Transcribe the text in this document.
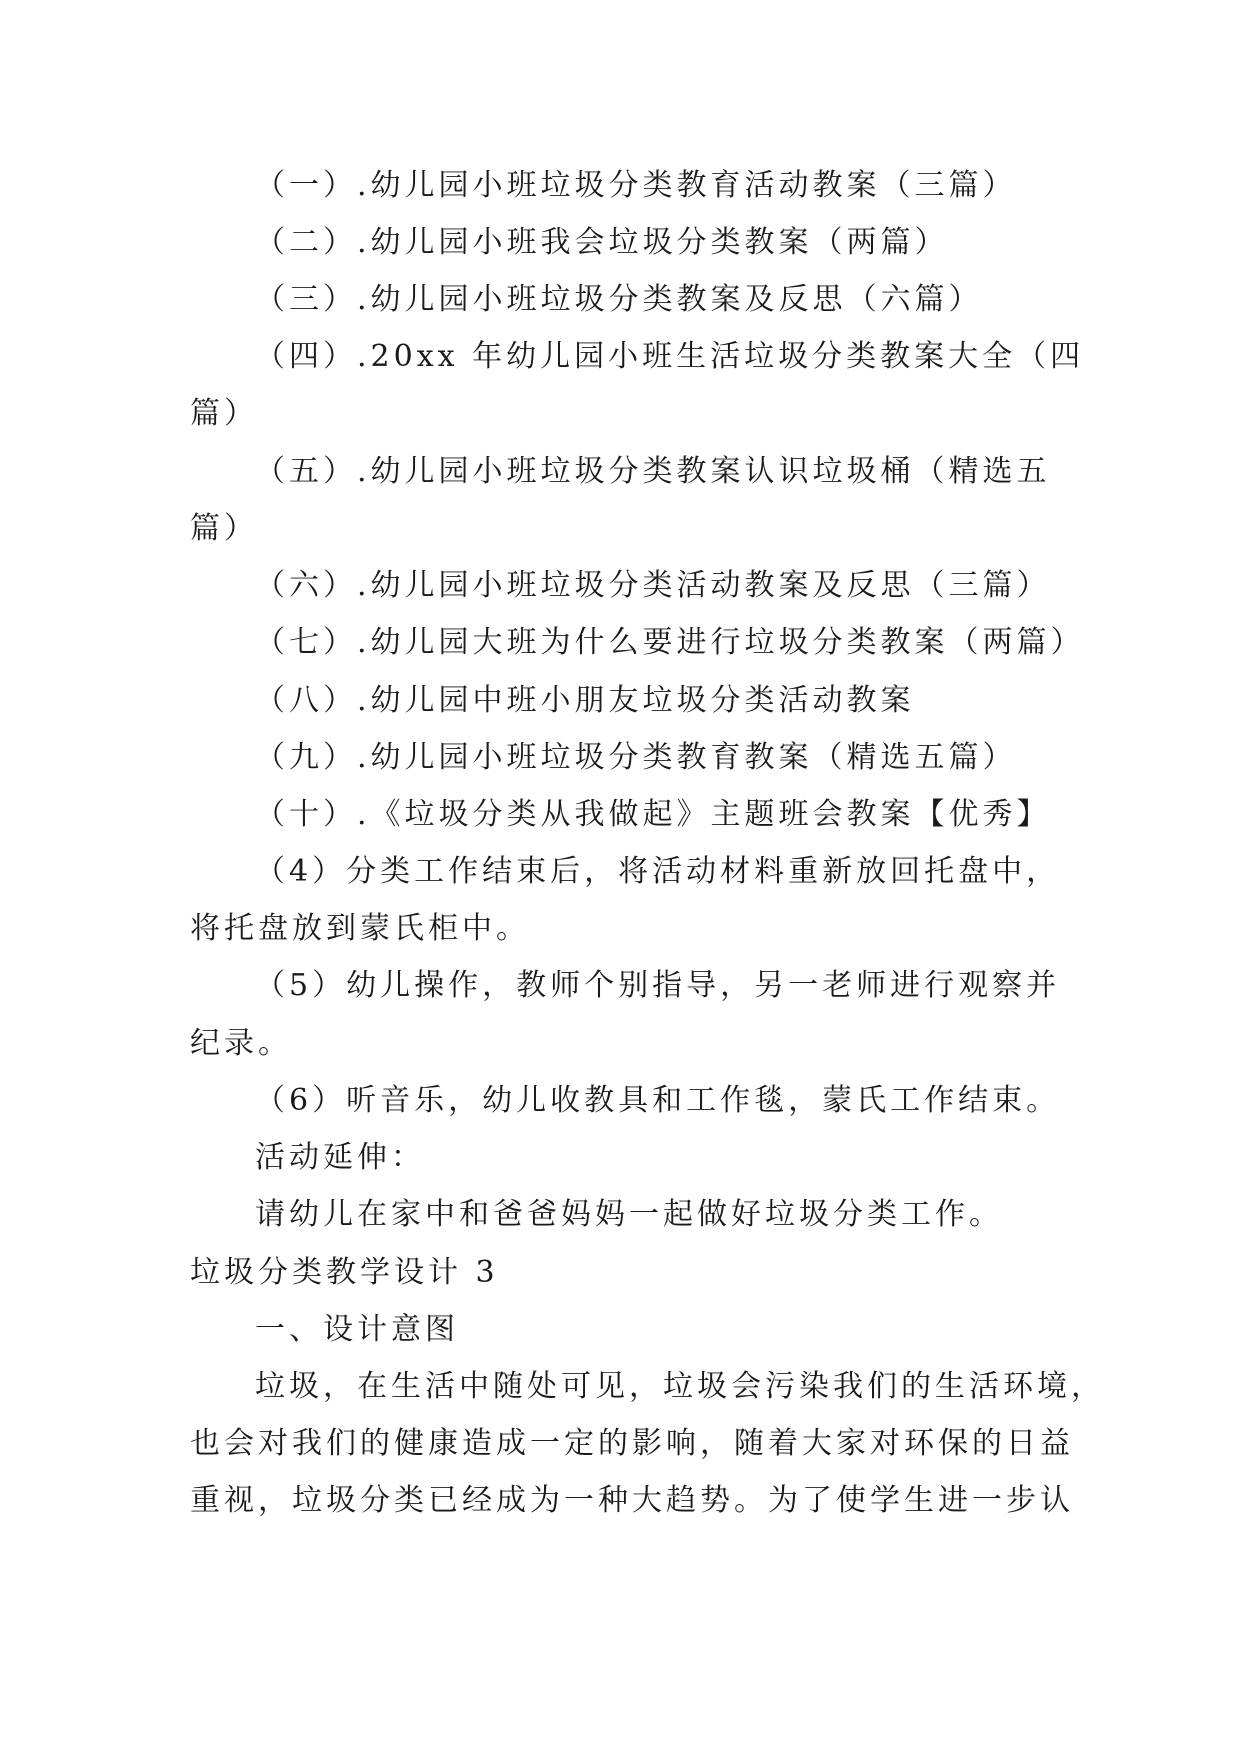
（一）.幼儿园小班垃圾分类教育活动教案（三篇）
（二）.幼儿园小班我会垃圾分类教案（两篇）
（三）.幼儿园小班垃圾分类教案及反思（六篇）
（四）.20xx 年幼儿园小班生活垃圾分类教案大全（四
篇）
（五）.幼儿园小班垃圾分类教案认识垃圾桶（精选五
篇）
（六）.幼儿园小班垃圾分类活动教案及反思（三篇）
（七）.幼儿园大班为什么要进行垃圾分类教案（两篇）
（八）.幼儿园中班小朋友垃圾分类活动教案
（九）.幼儿园小班垃圾分类教育教案（精选五篇）
（十）.《垃圾分类从我做起》主题班会教案【优秀】
（4）分类工作结束后，将活动材料重新放回托盘中，
将托盘放到蒙氏柜中。
（5）幼儿操作，教师个别指导，另一老师进行观察并
纪录。
（6）听音乐，幼儿收教具和工作毯，蒙氏工作结束。
活动延伸：
请幼儿在家中和爸爸妈妈一起做好垃圾分类工作。
垃圾分类教学设计 3
一、设计意图
垃圾，在生活中随处可见，垃圾会污染我们的生活环境，
也会对我们的健康造成一定的影响，随着大家对环保的日益
重视，垃圾分类已经成为一种大趋势。为了使学生进一步认
